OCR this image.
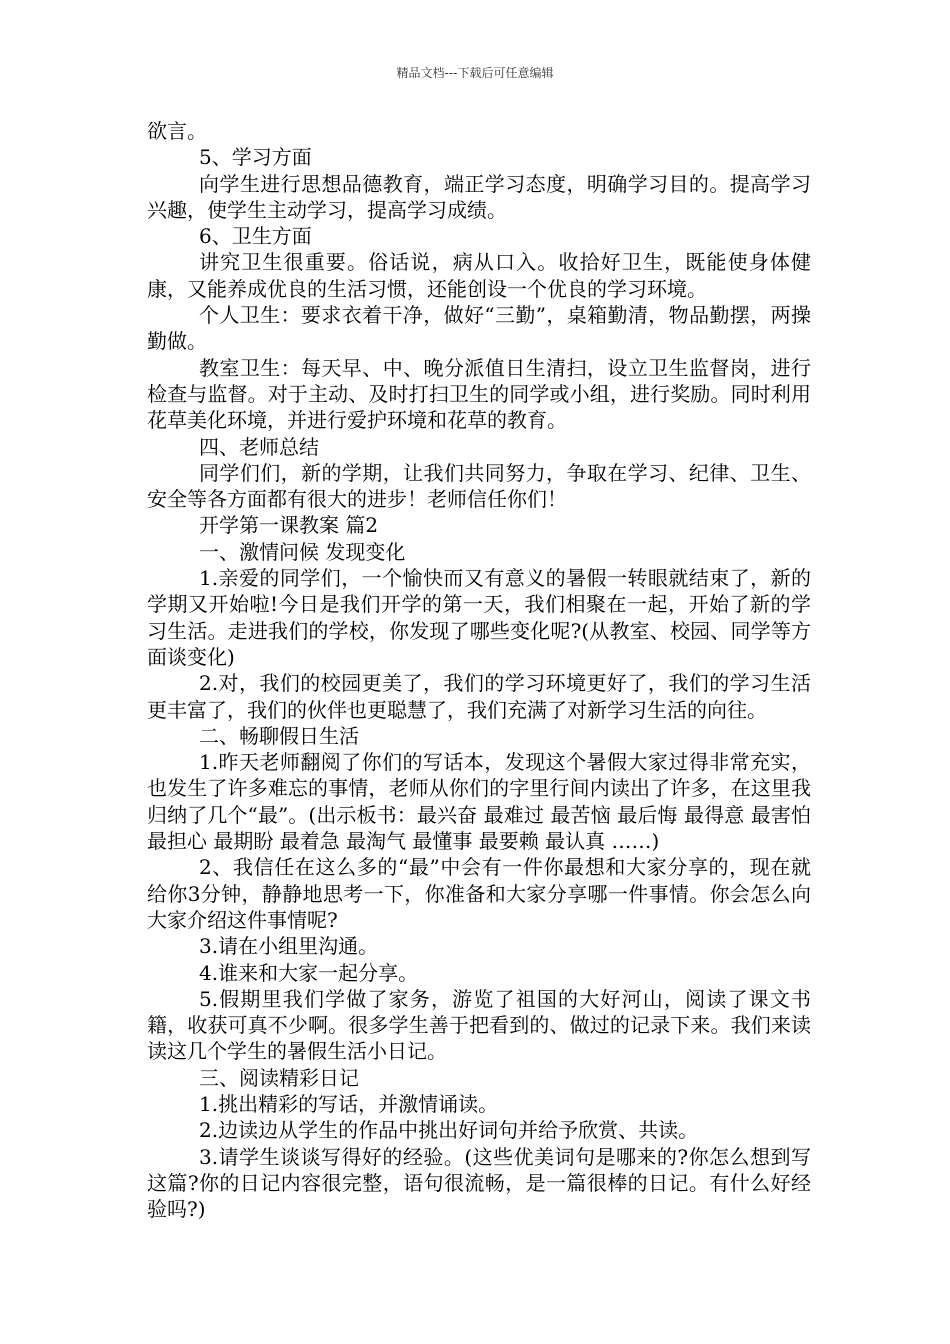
精品文档---下载后可任意编辑

欲言。

5、学习方面

向学生进行思想品德教育，端正学习态度，明确学习目的。提高学习兴趣，使学生主动学习，提高学习成绩。

6、卫生方面

讲究卫生很重要。俗话说，病从口入。收拾好卫生，既能使身体健康，又能养成优良的生活习惯，还能创设一个优良的学习环境。

个人卫生：要求衣着干净，做好“三勤”，桌箱勤清，物品勤摆，两操勤做。

教室卫生：每天早、中、晚分派值日生清扫，设立卫生监督岗，进行检查与监督。对于主动、及时打扫卫生的同学或小组，进行奖励。同时利用花草美化环境，并进行爱护环境和花草的教育。

四、老师总结

同学们们，新的学期，让我们共同努力，争取在学习、纪律、卫生、安全等各方面都有很大的进步！老师信任你们！

开学第一课教案 篇2

一、激情问候 发现变化

1.亲爱的同学们，一个愉快而又有意义的暑假一转眼就结束了，新的学期又开始啦!今日是我们开学的第一天，我们相聚在一起，开始了新的学习生活。走进我们的学校，你发现了哪些变化呢?(从教室、校园、同学等方面谈变化)

2.对，我们的校园更美了，我们的学习环境更好了，我们的学习生活更丰富了，我们的伙伴也更聪慧了，我们充满了对新学习生活的向往。

二、畅聊假日生活

1.昨天老师翻阅了你们的写话本，发现这个暑假大家过得非常充实，也发生了许多难忘的事情，老师从你们的字里行间内读出了许多，在这里我归纳了几个“最”。(出示板书：最兴奋 最难过 最苦恼 最后悔 最得意 最害怕 最担心 最期盼 最着急 最淘气 最懂事 最要赖 最认真 ……)

2、我信任在这么多的“最”中会有一件你最想和大家分享的，现在就给你3分钟，静静地思考一下，你准备和大家分享哪一件事情。你会怎么向大家介绍这件事情呢?

3.请在小组里沟通。

4.谁来和大家一起分享。

5.假期里我们学做了家务，游览了祖国的大好河山，阅读了课文书籍，收获可真不少啊。很多学生善于把看到的、做过的记录下来。我们来读读这几个学生的暑假生活小日记。

三、阅读精彩日记

1.挑出精彩的写话，并激情诵读。

2.边读边从学生的作品中挑出好词句并给予欣赏、共读。

3.请学生谈谈写得好的经验。(这些优美词句是哪来的?你怎么想到写这篇?你的日记内容很完整，语句很流畅，是一篇很棒的日记。有什么好经验吗?)
